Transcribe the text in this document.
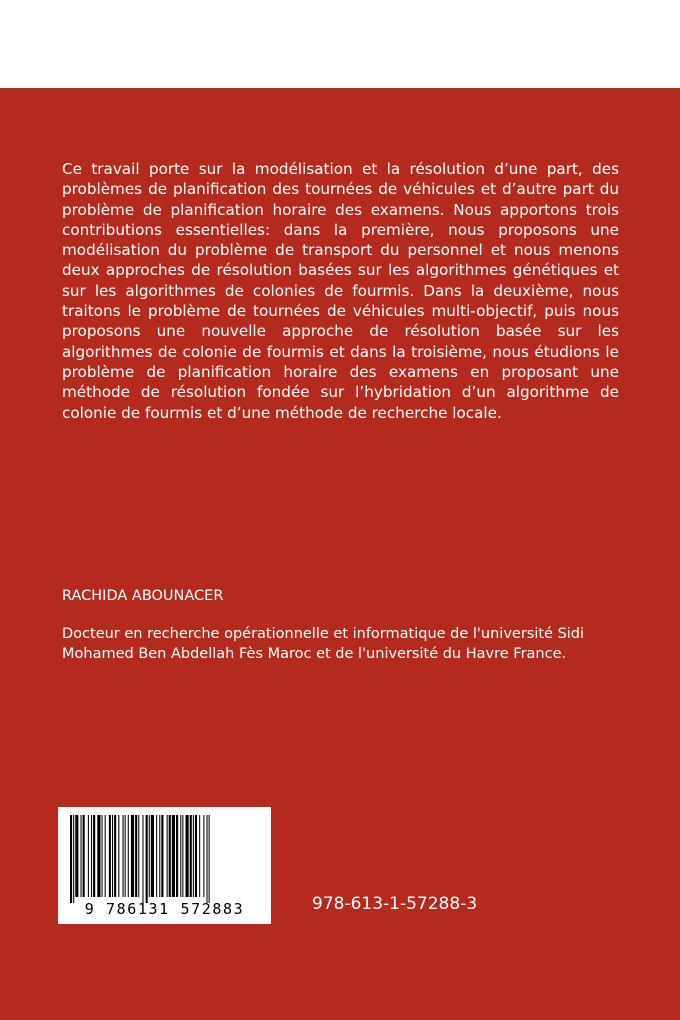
Ce travail porte sur la modélisation et la résolution d’une part, des problèmes de planification des tournées de véhicules et d’autre part du problème de planification horaire des examens. Nous apportons trois contributions essentielles: dans la première, nous proposons une modélisation du problème de transport du personnel et nous menons deux approches de résolution basées sur les algorithmes génétiques et sur les algorithmes de colonies de fourmis. Dans la deuxième, nous traitons le problème de tournées de véhicules multi-objectif, puis nous proposons une nouvelle approche de résolution basée sur les algorithmes de colonie de fourmis et dans la troisième, nous étudions le problème de planification horaire des examens en proposant une méthode de résolution fondée sur l’hybridation d’un algorithme de colonie de fourmis et d’une méthode de recherche locale.

RACHIDA ABOUNACER

Docteur en recherche opérationnelle et informatique de l'université Sidi Mohamed Ben Abdellah Fès Maroc et de l'université du Havre France.

9 786131 572883	978-613-1-57288-3
